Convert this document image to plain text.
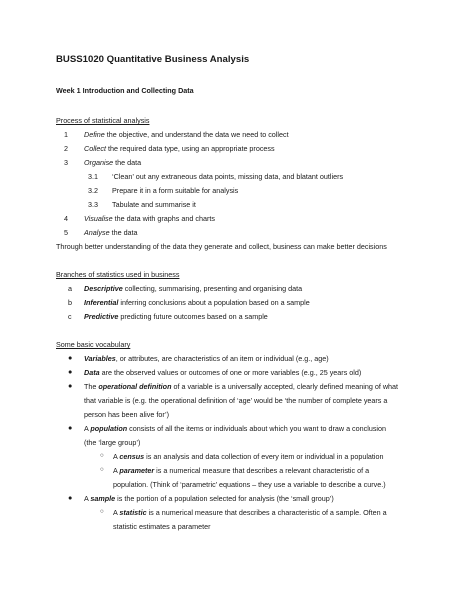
BUSS1020 Quantitative Business Analysis
Week 1 Introduction and Collecting Data
Process of statistical analysis
1 Define the objective, and understand the data we need to collect
2 Collect the required data type, using an appropriate process
3 Organise the data
3.1 ‘Clean’ out any extraneous data points, missing data, and blatant outliers
3.2 Prepare it in a form suitable for analysis
3.3 Tabulate and summarise it
4 Visualise the data with graphs and charts
5 Analyse the data
Through better understanding of the data they generate and collect, business can make better decisions
Branches of statistics used in business
a Descriptive collecting, summarising, presenting and organising data
b Inferential inferring conclusions about a population based on a sample
c Predictive predicting future outcomes based on a sample
Some basic vocabulary
● Variables, or attributes, are characteristics of an item or individual (e.g., age)
● Data are the observed values or outcomes of one or more variables (e.g., 25 years old)
● The operational definition of a variable is a universally accepted, clearly defined meaning of what
that variable is (e.g. the operational definition of ‘age’ would be ‘the number of complete years a
person has been alive for’)
● A population consists of all the items or individuals about which you want to draw a conclusion
(the ‘large group’)
○ A census is an analysis and data collection of every item or individual in a population
○ A parameter is a numerical measure that describes a relevant characteristic of a
population. (Think of ‘parametric’ equations – they use a variable to describe a curve.)
● A sample is the portion of a population selected for analysis (the ‘small group’)
○ A statistic is a numerical measure that describes a characteristic of a sample. Often a
statistic estimates a parameter
